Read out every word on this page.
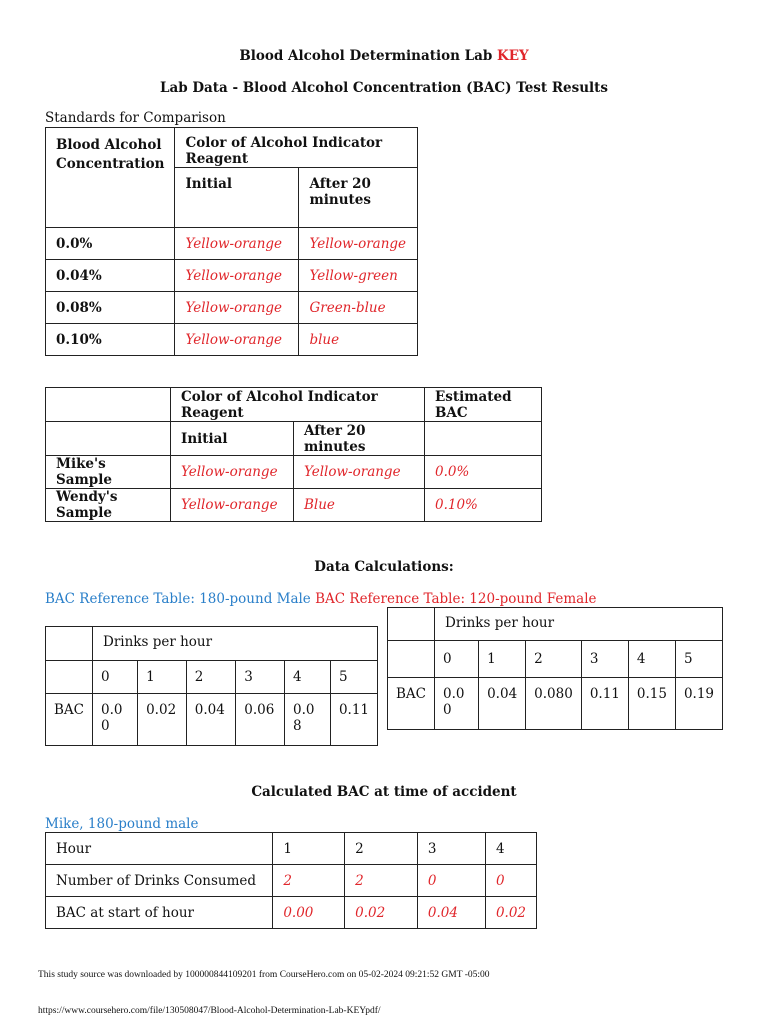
Blood Alcohol Determination Lab KEY
Lab Data - Blood Alcohol Concentration (BAC) Test Results
Standards for Comparison
Blood Alcohol Concentration	Color of Alcohol Indicator Reagent	
	Initial	After 20 minutes
0.0%	Yellow-orange	Yellow-orange
0.04%	Yellow-orange	Yellow-green
0.08%	Yellow-orange	Green-blue
0.10%	Yellow-orange	blue
	Color of Alcohol Indicator Reagent		Estimated BAC
	Initial	After 20 minutes	
Mike's Sample	Yellow-orange	Yellow-orange	0.0%
Wendy's Sample	Yellow-orange	Blue	0.10%
Data Calculations:
BAC Reference Table: 180-pound Male BAC Reference Table: 120-pound Female
	Drinks per hour					
	0	1	2	3	4	5
BAC	0.00	0.02	0.04	0.06	0.08	0.11
	Drinks per hour					
	0	1	2	3	4	5
BAC	0.00	0.04	0.080	0.11	0.15	0.19
Calculated BAC at time of accident
Mike, 180-pound male
Hour	1	2	3	4
Number of Drinks Consumed	2	2	0	0
BAC at start of hour	0.00	0.02	0.04	0.02
This study source was downloaded by 100000844109201 from CourseHero.com on 05-02-2024 09:21:52 GMT -05:00
https://www.coursehero.com/file/130508047/Blood-Alcohol-Determination-Lab-KEYpdf/
